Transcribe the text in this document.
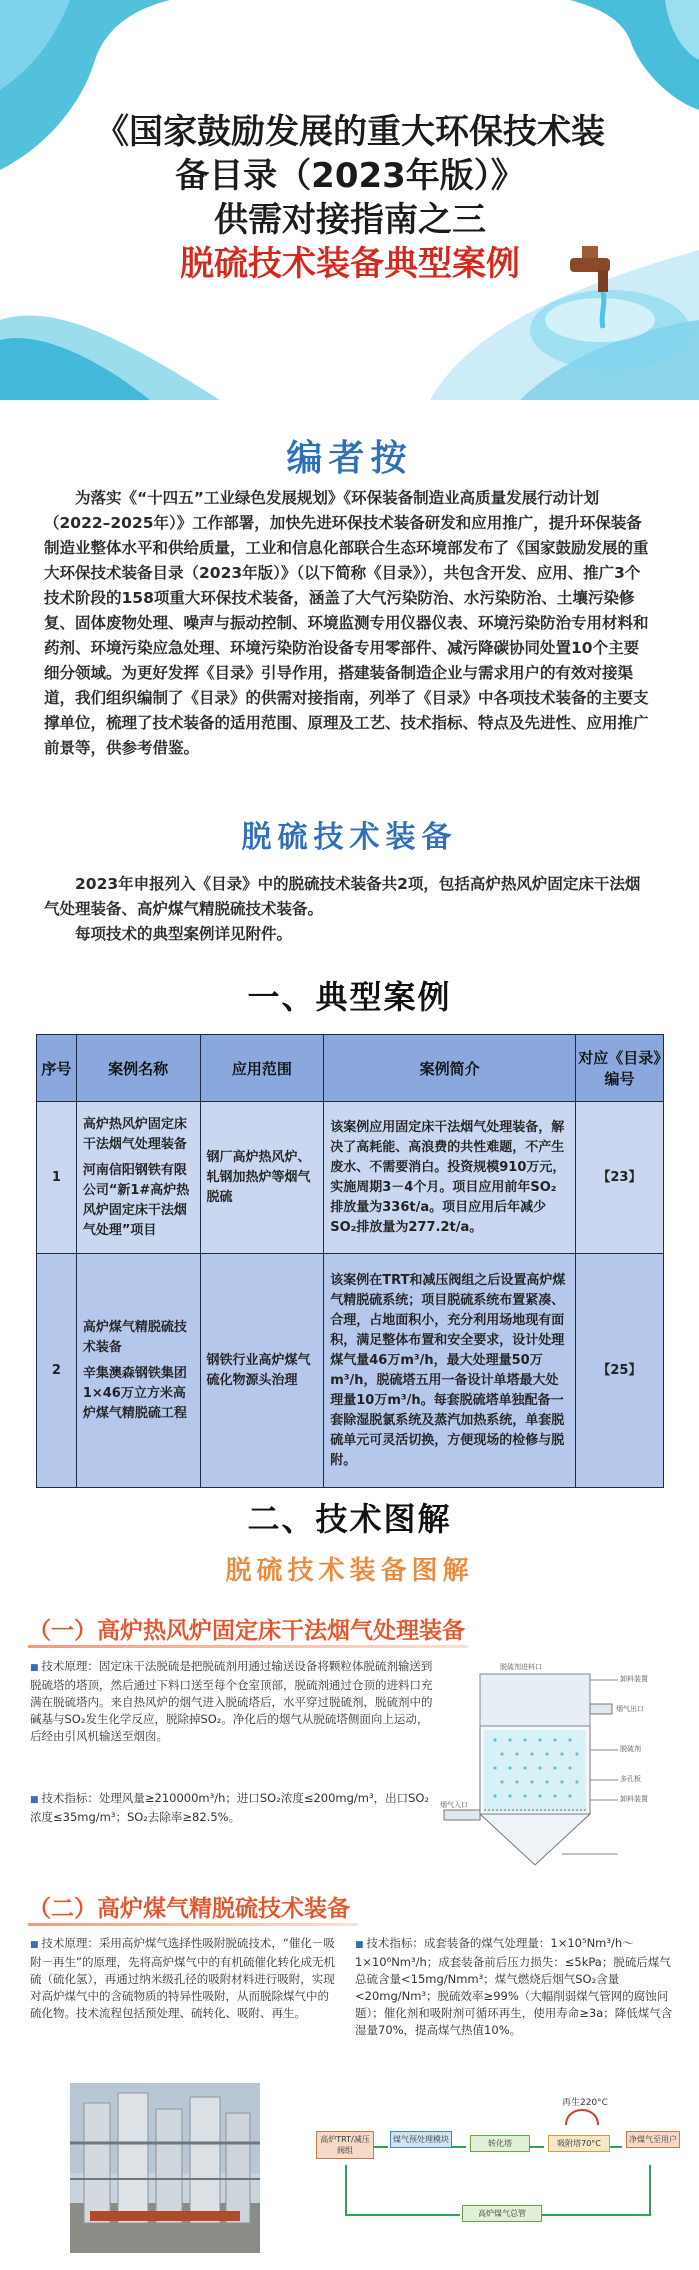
《国家鼓励发展的重大环保技术装
备目录（2023年版）》
供需对接指南之三
脱硫技术装备典型案例
编者按

为落实《“十四五”工业绿色发展规划》《环保装备制造业高质量发展行动计划（2022–2025年）》工作部署，加快先进环保技术装备研发和应用推广，提升环保装备制造业整体水平和供给质量，工业和信息化部联合生态环境部发布了《国家鼓励发展的重大环保技术装备目录（2023年版）》（以下简称《目录》），共包含开发、应用、推广3个技术阶段的158项重大环保技术装备，涵盖了大气污染防治、水污染防治、土壤污染修复、固体废物处理、噪声与振动控制、环境监测专用仪器仪表、环境污染防治专用材料和药剂、环境污染应急处理、环境污染防治设备专用零部件、减污降碳协同处置10个主要细分领域。为更好发挥《目录》引导作用，搭建装备制造企业与需求用户的有效对接渠道，我们组织编制了《目录》的供需对接指南，列举了《目录》中各项技术装备的主要支撑单位，梳理了技术装备的适用范围、原理及工艺、技术指标、特点及先进性、应用推广前景等，供参考借鉴。

脱硫技术装备

2023年申报列入《目录》中的脱硫技术装备共2项，包括高炉热风炉固定床干法烟气处理装备、高炉煤气精脱硫技术装备。

每项技术的典型案例详见附件。

一、典型案例
序号	案例名称	应用范围	案例简介	对应《目录》编号
1	高炉热风炉固定床干法烟气处理装备
河南信阳钢铁有限公司“新1#高炉热风炉固定床干法烟气处理”项目	钢厂高炉热风炉、轧钢加热炉等烟气脱硫	该案例应用固定床干法烟气处理装备，解决了高耗能、高浪费的共性难题，不产生废水、不需要消白。投资规模910万元，实施周期3－4个月。项目应用前年SO₂排放量为336t/a。项目应用后年减少SO₂排放量为277.2t/a。	【23】
2	高炉煤气精脱硫技术装备
辛集澳森钢铁集团1×46万立方米高炉煤气精脱硫工程	钢铁行业高炉煤气硫化物源头治理	该案例在TRT和减压阀组之后设置高炉煤气精脱硫系统；项目脱硫系统布置紧凑、合理，占地面积小，充分利用场地现有面积，满足整体布置和安全要求，设计处理煤气量46万m³/h，最大处理量50万m³/h，脱硫塔五用一备设计单塔最大处理量10万m³/h。每套脱硫塔单独配备一套除湿脱氯系统及蒸汽加热系统，单套脱硫单元可灵活切换，方便现场的检修与脱附。	【25】
二、技术图解
脱硫技术装备图解
（一）高炉热风炉固定床干法烟气处理装备
■ 技术原理：固定床干法脱硫是把脱硫剂用通过输送设备将颗粒体脱硫剂输送到脱硫塔的塔顶，然后通过下料口送至每个仓室顶部，脱硫剂通过仓顶的进料口充满在脱硫塔内。来自热风炉的烟气进入脱硫塔后，水平穿过脱硫剂，脱硫剂中的碱基与SO₂发生化学反应，脱除掉SO₂。净化后的烟气从脱硫塔侧面向上运动，后经由引风机输送至烟囱。
■ 技术指标：处理风量≥210000m³/h；进口SO₂浓度≤200mg/m³，出口SO₂浓度≤35mg/m³；SO₂去除率≥82.5%。
脱硫剂进料口
卸料装置
烟气出口
脱硫剂
多孔板
卸料装置
烟气入口
（二）高炉煤气精脱硫技术装备
■ 技术原理：采用高炉煤气选择性吸附脱硫技术，“催化－吸附－再生”的原理，先将高炉煤气中的有机硫催化转化成无机硫（硫化氢），再通过纳米级孔径的吸附材料进行吸附，实现对高炉煤气中的含硫物质的特异性吸附，从而脱除煤气中的硫化物。技术流程包括预处理、硫转化、吸附、再生。
■ 技术指标：成套装备的煤气处理量：1×10⁵Nm³/h～1×10⁶Nm³/h；成套装备前后压力损失：≤5kPa；脱硫后煤气总硫含量<15mg/Nmm³；煤气燃烧后烟气SO₂含量<20mg/Nm³；脱硫效率≥99%（大幅削弱煤气管网的腐蚀问题）；催化剂和吸附剂可循环再生，使用寿命≥3a；降低煤气含湿量70%，提高煤气热值10%。
再生220°C
高炉TRT/减压阀组
煤气预处理模块	转化塔	吸附塔70°C	净煤气至用户
高炉煤气总管
